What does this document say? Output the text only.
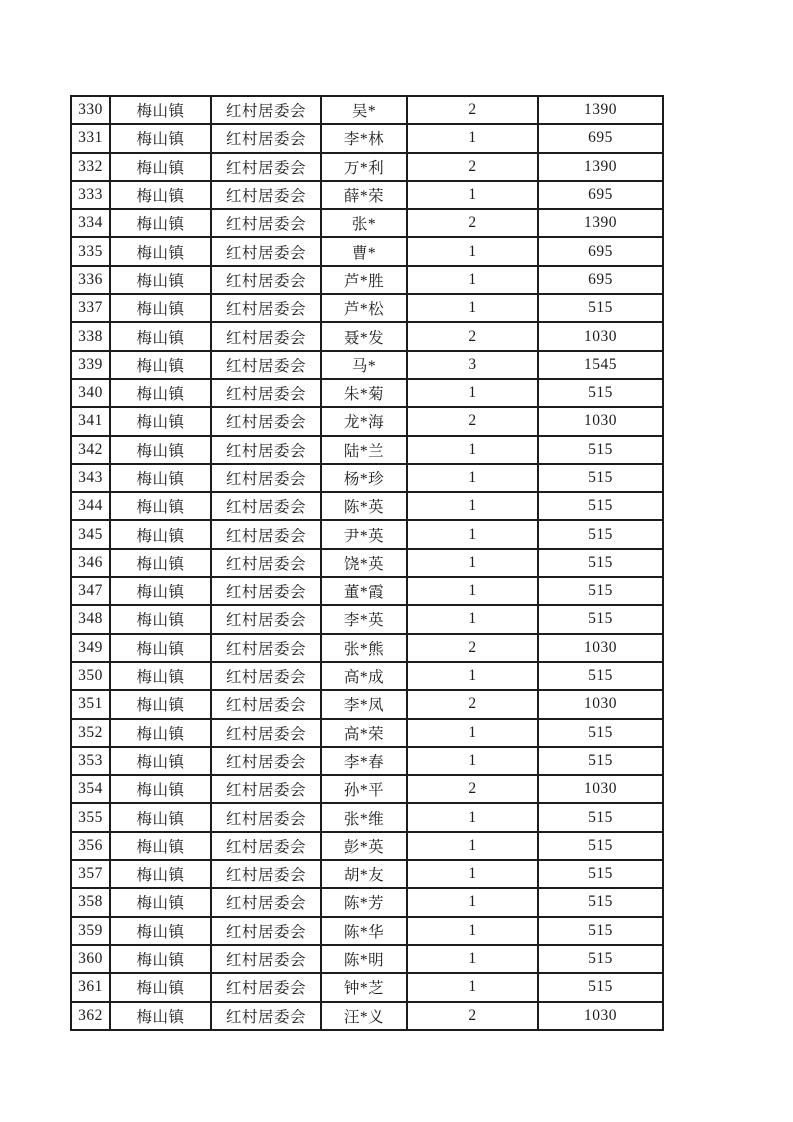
330	梅山镇	红村居委会	吴*	2	1390
331	梅山镇	红村居委会	李*林	1	695
332	梅山镇	红村居委会	万*利	2	1390
333	梅山镇	红村居委会	薛*荣	1	695
334	梅山镇	红村居委会	张*	2	1390
335	梅山镇	红村居委会	曹*	1	695
336	梅山镇	红村居委会	芦*胜	1	695
337	梅山镇	红村居委会	芦*松	1	515
338	梅山镇	红村居委会	聂*发	2	1030
339	梅山镇	红村居委会	马*	3	1545
340	梅山镇	红村居委会	朱*菊	1	515
341	梅山镇	红村居委会	龙*海	2	1030
342	梅山镇	红村居委会	陆*兰	1	515
343	梅山镇	红村居委会	杨*珍	1	515
344	梅山镇	红村居委会	陈*英	1	515
345	梅山镇	红村居委会	尹*英	1	515
346	梅山镇	红村居委会	饶*英	1	515
347	梅山镇	红村居委会	董*霞	1	515
348	梅山镇	红村居委会	李*英	1	515
349	梅山镇	红村居委会	张*熊	2	1030
350	梅山镇	红村居委会	高*成	1	515
351	梅山镇	红村居委会	李*凤	2	1030
352	梅山镇	红村居委会	高*荣	1	515
353	梅山镇	红村居委会	李*春	1	515
354	梅山镇	红村居委会	孙*平	2	1030
355	梅山镇	红村居委会	张*维	1	515
356	梅山镇	红村居委会	彭*英	1	515
357	梅山镇	红村居委会	胡*友	1	515
358	梅山镇	红村居委会	陈*芳	1	515
359	梅山镇	红村居委会	陈*华	1	515
360	梅山镇	红村居委会	陈*明	1	515
361	梅山镇	红村居委会	钟*芝	1	515
362	梅山镇	红村居委会	汪*义	2	1030
